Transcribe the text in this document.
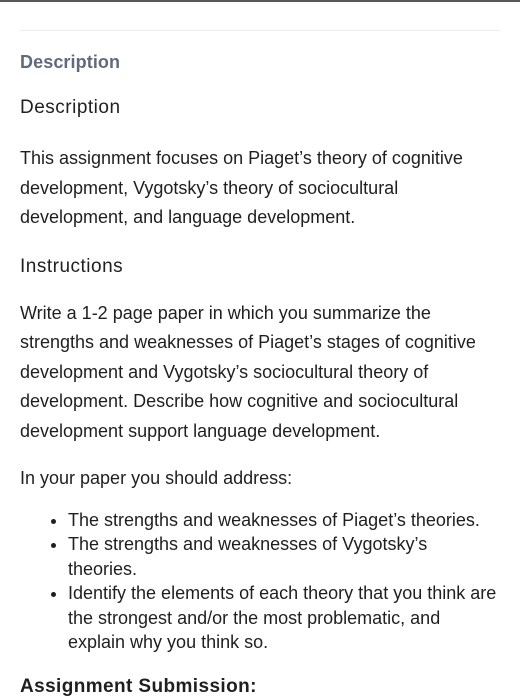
Description
Description

This assignment focuses on Piaget’s theory of cognitive development, Vygotsky’s theory of sociocultural development, and language development.

Instructions

Write a 1-2 page paper in which you summarize the strengths and weaknesses of Piaget’s stages of cognitive development and Vygotsky’s sociocultural theory of development. Describe how cognitive and sociocultural development support language development.

In your paper you should address:

• The strengths and weaknesses of Piaget’s theories.
• The strengths and weaknesses of Vygotsky’s theories.
• Identify the elements of each theory that you think are the strongest and/or the most problematic, and explain why you think so.
Assignment Submission:
